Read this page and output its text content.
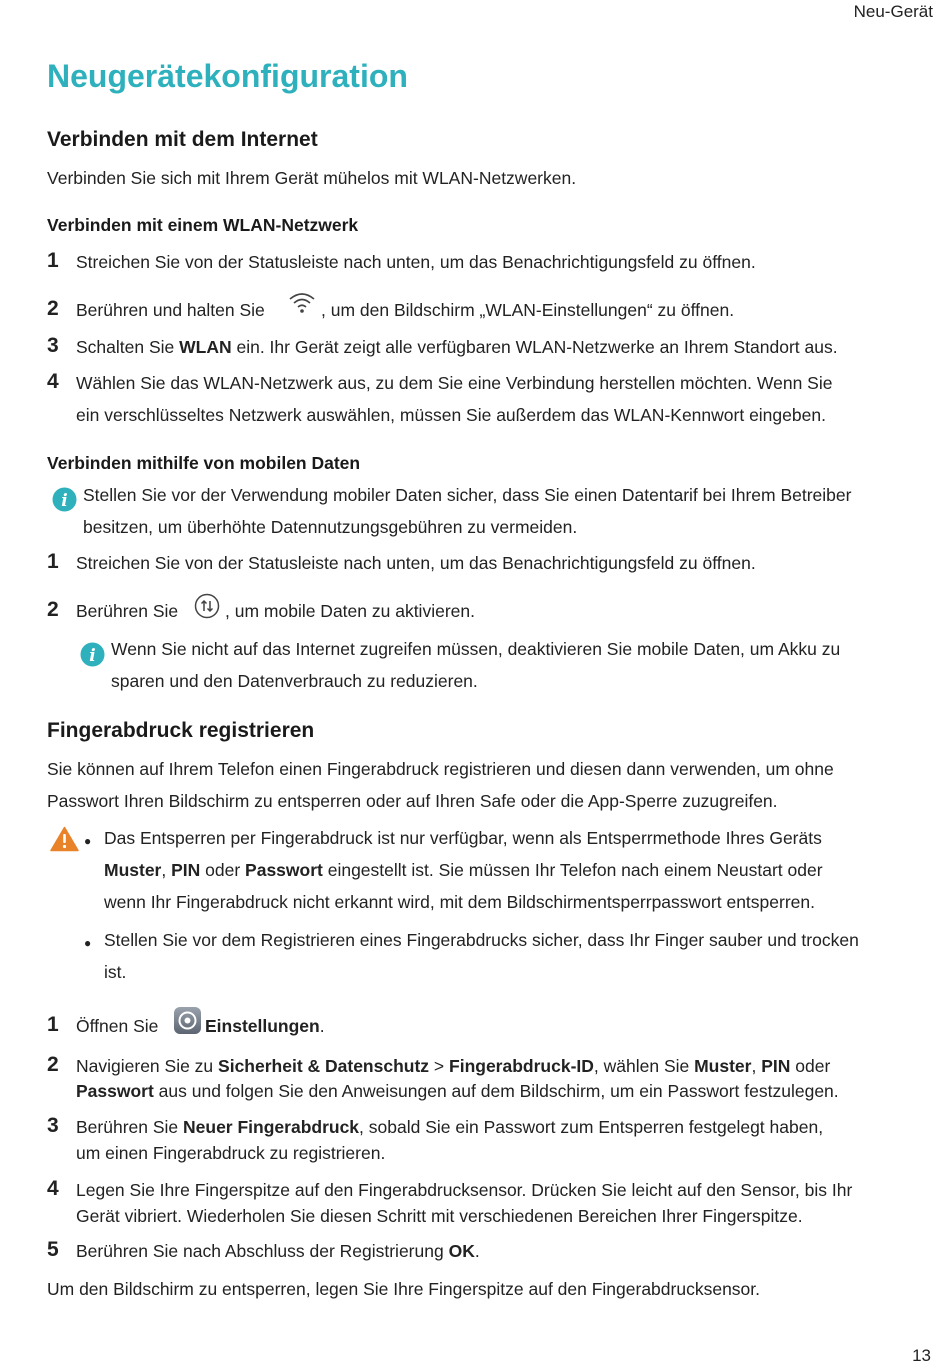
Neu-Gerät
Neugerätekonfiguration
Verbinden mit dem Internet
Verbinden Sie sich mit Ihrem Gerät mühelos mit WLAN-Netzwerken.
Verbinden mit einem WLAN-Netzwerk
1 Streichen Sie von der Statusleiste nach unten, um das Benachrichtigungsfeld zu öffnen.
2 Berühren und halten Sie	, um den Bildschirm „WLAN-Einstellungen“ zu öffnen.
3 Schalten Sie WLAN ein. Ihr Gerät zeigt alle verfügbaren WLAN-Netzwerke an Ihrem Standort aus.
4 Wählen Sie das WLAN-Netzwerk aus, zu dem Sie eine Verbindung herstellen möchten. Wenn Sie
ein verschlüsseltes Netzwerk auswählen, müssen Sie außerdem das WLAN-Kennwort eingeben.
Verbinden mithilfe von mobilen Daten
i Stellen Sie vor der Verwendung mobiler Daten sicher, dass Sie einen Datentarif bei Ihrem Betreiber
besitzen, um überhöhte Datennutzungsgebühren zu vermeiden.
1 Streichen Sie von der Statusleiste nach unten, um das Benachrichtigungsfeld zu öffnen.
2 Berühren Sie	, um mobile Daten zu aktivieren.
i Wenn Sie nicht auf das Internet zugreifen müssen, deaktivieren Sie mobile Daten, um Akku zu
sparen und den Datenverbrauch zu reduzieren.
Fingerabdruck registrieren
Sie können auf Ihrem Telefon einen Fingerabdruck registrieren und diesen dann verwenden, um ohne
Passwort Ihren Bildschirm zu entsperren oder auf Ihren Safe oder die App-Sperre zuzugreifen.
● Das Entsperren per Fingerabdruck ist nur verfügbar, wenn als Entsperrmethode Ihres Geräts
Muster, PIN oder Passwort eingestellt ist. Sie müssen Ihr Telefon nach einem Neustart oder
wenn Ihr Fingerabdruck nicht erkannt wird, mit dem Bildschirmentsperrpasswort entsperren.
● Stellen Sie vor dem Registrieren eines Fingerabdrucks sicher, dass Ihr Finger sauber und trocken
ist.
1 Öffnen Sie	Einstellungen.
2 Navigieren Sie zu Sicherheit & Datenschutz > Fingerabdruck-ID, wählen Sie Muster, PIN oder
Passwort aus und folgen Sie den Anweisungen auf dem Bildschirm, um ein Passwort festzulegen.
3 Berühren Sie Neuer Fingerabdruck, sobald Sie ein Passwort zum Entsperren festgelegt haben,
um einen Fingerabdruck zu registrieren.
4 Legen Sie Ihre Fingerspitze auf den Fingerabdrucksensor. Drücken Sie leicht auf den Sensor, bis Ihr
Gerät vibriert. Wiederholen Sie diesen Schritt mit verschiedenen Bereichen Ihrer Fingerspitze.
5 Berühren Sie nach Abschluss der Registrierung OK.
Um den Bildschirm zu entsperren, legen Sie Ihre Fingerspitze auf den Fingerabdrucksensor.
13
